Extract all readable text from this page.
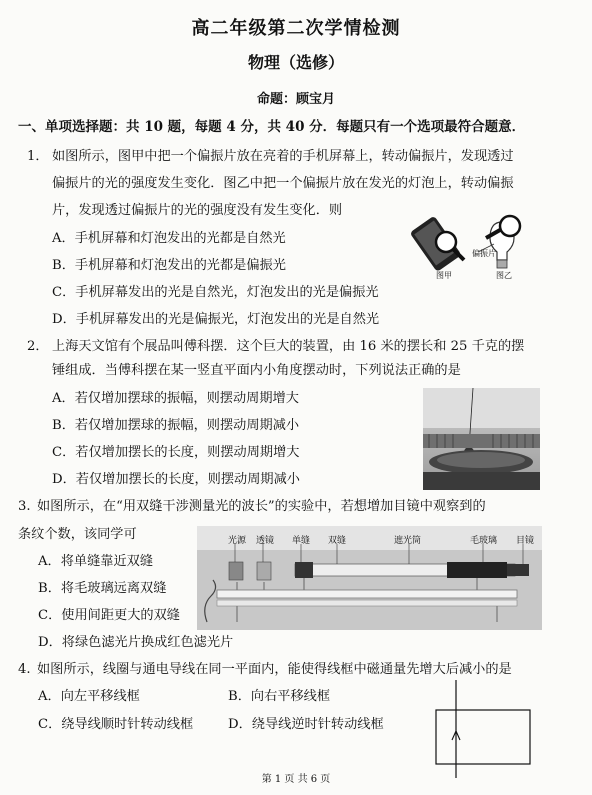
高二年级第二次学情检测
物理（选修）
命题：顾宝月
一、单项选择题：共 10 题，每题 4 分，共 40 分．每题只有一个选项最符合题意．
1． 如图所示，图甲中把一个偏振片放在亮着的手机屏幕上，转动偏振片，发现透过
偏振片的光的强度发生变化．图乙中把一个偏振片放在发光的灯泡上，转动偏振
片，发现透过偏振片的光的强度没有发生变化．则
A．手机屏幕和灯泡发出的光都是自然光
B．手机屏幕和灯泡发出的光都是偏振光
C．手机屏幕发出的光是自然光，灯泡发出的光是偏振光
D．手机屏幕发出的光是偏振光，灯泡发出的光是自然光
偏振片
图甲	图乙
2． 上海天文馆有个展品叫傅科摆．这个巨大的装置，由 16 米的摆长和 25 千克的摆
锤组成．当傅科摆在某一竖直平面内小角度摆动时，下列说法正确的是
A．若仅增加摆球的振幅，则摆动周期增大
B．若仅增加摆球的振幅，则摆动周期减小
C．若仅增加摆长的长度，则摆动周期增大
D．若仅增加摆长的长度，则摆动周期减小
3. 如图所示，在“用双缝干涉测量光的波长”的实验中，若想增加目镜中观察到的
条纹个数，该同学可
A．将单缝靠近双缝
B．将毛玻璃远离双缝
C．使用间距更大的双缝
D．将绿色滤光片换成红色滤光片
光源 透镜 单缝 双缝	遮光筒	毛玻璃 目镜
4. 如图所示，线圈与通电导线在同一平面内，能使得线框中磁通量先增大后减小的是
A．向左平移线框	B．向右平移线框
C．绕导线顺时针转动线框	D．绕导线逆时针转动线框
第 1 页 共 6 页
